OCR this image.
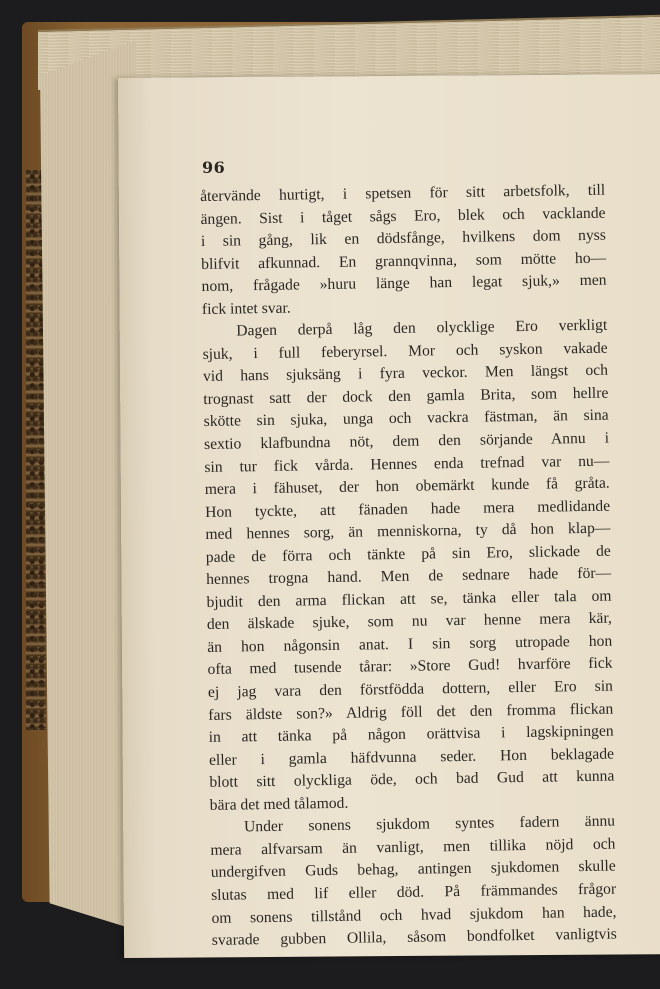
96

återvände hurtigt, i spetsen för sitt arbetsfolk, till
ängen. Sist i tåget sågs Ero, blek och vacklande
i sin gång, lik en dödsfånge, hvilkens dom nyss
blifvit afkunnad. En grannqvinna, som mötte ho—
nom, frågade »huru länge han legat sjuk,» men
fick intet svar.
Dagen derpå låg den olycklige Ero verkligt
sjuk, i full feberyrsel. Mor och syskon vakade
vid hans sjuksäng i fyra veckor. Men längst och
trognast satt der dock den gamla Brita, som hellre
skötte sin sjuka, unga och vackra fästman, än sina
sextio klafbundna nöt, dem den sörjande Annu i
sin tur fick vårda. Hennes enda trefnad var nu—
mera i fähuset, der hon obemärkt kunde få gråta.
Hon tyckte, att fänaden hade mera medlidande
med hennes sorg, än menniskorna, ty då hon klap—
pade de förra och tänkte på sin Ero, slickade de
hennes trogna hand. Men de sednare hade för—
bjudit den arma flickan att se, tänka eller tala om
den älskade sjuke, som nu var henne mera kär,
än hon någonsin anat. I sin sorg utropade hon
ofta med tusende tårar: »Store Gud! hvarföre fick
ej jag vara den förstfödda dottern, eller Ero sin
fars äldste son?» Aldrig föll det den fromma flickan
in att tänka på någon orättvisa i lagskipningen
eller i gamla häfdvunna seder. Hon beklagade
blott sitt olyckliga öde, och bad Gud att kunna
bära det med tålamod.
Under sonens sjukdom syntes fadern ännu
mera alfvarsam än vanligt, men tillika nöjd och
undergifven Guds behag, antingen sjukdomen skulle
slutas med lif eller död. På främmandes frågor
om sonens tillstånd och hvad sjukdom han hade,
svarade gubben Ollila, såsom bondfolket vanligtvis
